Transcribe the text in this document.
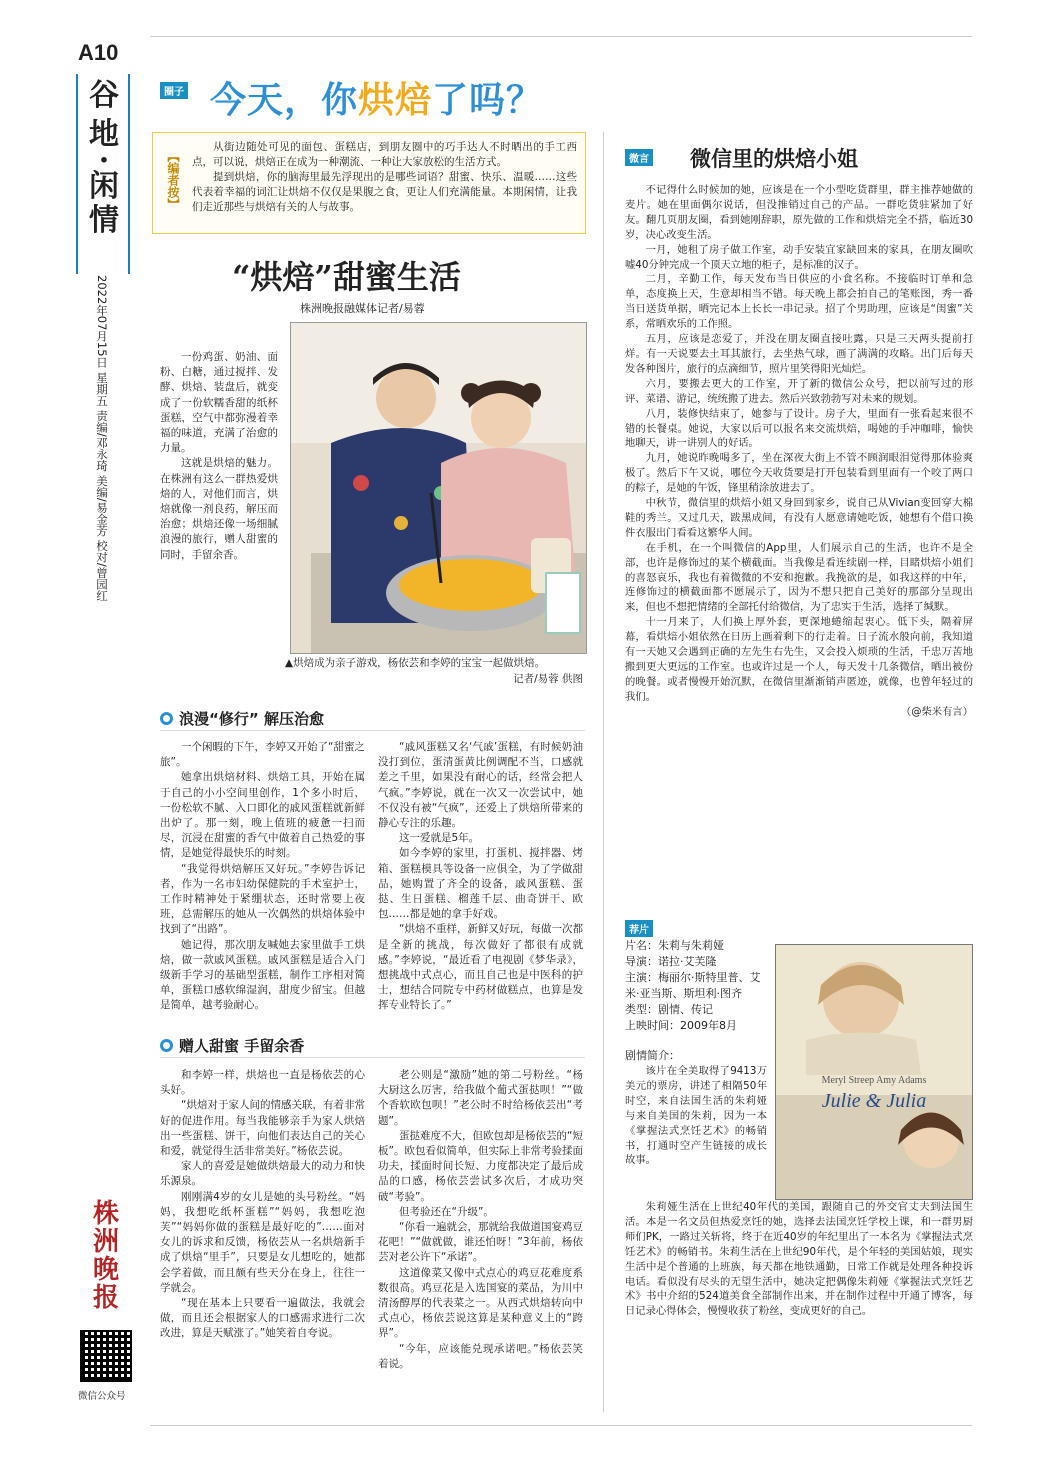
A10
谷
地
·
闲
情
2022年07月15日 星期五 责编/邓永琦 美编/易金芳 校对/曾园红
株
洲
晚
报
微信公众号
圈子 今天，你烘焙了吗？
【编者按】

从街边随处可见的面包、蛋糕店，到朋友圈中的巧手达人不时晒出的手工西点，可以说，烘焙正在成为一种潮流、一种让大家放松的生活方式。

提到烘焙，你的脑海里最先浮现出的是哪些词语？甜蜜、快乐、温暖……这些代表着幸福的词汇让烘焙不仅仅是果腹之食，更让人们充满能量。本期闲情，让我们走近那些与烘焙有关的人与故事。

“烘焙”甜蜜生活
株洲晚报融媒体记者/易蓉

一份鸡蛋、奶油、面粉、白糖，通过搅拌、发酵、烘焙、装盘后，就变成了一份软糯香甜的纸杯蛋糕，空气中都弥漫着幸福的味道，充满了治愈的力量。

这就是烘焙的魅力。在株洲有这么一群热爱烘焙的人，对他们而言，烘焙就像一剂良药，解压而治愈；烘焙还像一场细腻浪漫的旅行，赠人甜蜜的同时，手留余香。

▲烘焙成为亲子游戏，杨依芸和李婷的宝宝一起做烘焙。
记者/易蓉 供图
浪漫“修行” 解压治愈

一个闲暇的下午，李婷又开始了“甜蜜之旅”。

她拿出烘焙材料、烘焙工具，开始在属于自己的小小空间里创作，1个多小时后，一份松软不腻、入口即化的戚风蛋糕就新鲜出炉了。那一刻，晚上值班的疲惫一扫而尽，沉浸在甜蜜的香气中做着自己热爱的事情，是她觉得最快乐的时刻。

“我觉得烘焙解压又好玩。”李婷告诉记者，作为一名市妇幼保健院的手术室护士，工作时精神处于紧绷状态，还时常要上夜班，总需解压的她从一次偶然的烘焙体验中找到了“出路”。

她记得，那次朋友喊她去家里做手工烘焙，做一款戚风蛋糕。戚风蛋糕是适合入门级新手学习的基础型蛋糕，制作工序相对简单，蛋糕口感软绵湿润，甜度少留宝。但越是简单，越考验耐心。

“戚风蛋糕又名‘气戚’蛋糕，有时候奶油没打到位，蛋清蛋黄比例调配不当，口感就差之千里，如果没有耐心的话，经常会把人气疯。”李婷说，就在一次又一次尝试中，她不仅没有被“气疯”，还爱上了烘焙所带来的静心专注的乐趣。

这一爱就是5年。

如今李婷的家里，打蛋机、搅拌器、烤箱、蛋糕模具等设备一应俱全，为了学做甜品，她购置了齐全的设备，戚风蛋糕、蛋挞、生日蛋糕、榴莲千层、曲奇饼干、欧包……都是她的拿手好戏。

“烘焙不重样，新鲜又好玩，每做一次都是全新的挑战，每次做好了都很有成就感。”李婷说，“最近看了电视剧《梦华录》，想挑战中式点心，而且自己也是中医科的护士，想结合同院专中药材做糕点，也算是发挥专业特长了。”

赠人甜蜜 手留余香

和李婷一样，烘焙也一直是杨依芸的心头好。

“烘焙对于家人间的情感关联，有着非常好的促进作用。每当我能够亲手为家人烘焙出一些蛋糕、饼干，向他们表达自己的关心和爱，就觉得生活非常美好。”杨依芸说。

家人的喜爱是她做烘焙最大的动力和快乐源泉。

刚刚满4岁的女儿是她的头号粉丝。“妈妈，我想吃纸杯蛋糕”“妈妈，我想吃泡芙”“妈妈你做的蛋糕是最好吃的”……面对女儿的诉求和反馈，杨依芸从一名烘焙新手成了烘焙“里手”，只要是女儿想吃的，她都会学着做，而且颇有些天分在身上，往往一学就会。

“现在基本上只要看一遍做法，我就会做，而且还会根据家人的口感需求进行二次改进，算是天赋涨了。”她笑着自夸说。

老公则是“激励”她的第二号粉丝。“杨大厨这么厉害，给我做个葡式蛋挞呗！”“做个香软欧包呗！”老公时不时给杨依芸出“考题”。

蛋挞难度不大，但欧包却是杨依芸的“短板”。欧包看似简单，但实际上非常考验揉面功夫，揉面时间长短、力度都决定了最后成品的口感，杨依芸尝试多次后，才成功突破“考验”。

但考验还在“升级”。

“你看一遍就会，那就给我做道国宴鸡豆花吧！”“做就做，谁还怕呀！”3年前，杨依芸对老公许下“承诺”。

这道像菜又像中式点心的鸡豆花难度系数很高。鸡豆花是入选国宴的菜品，为川中清汤醇厚的代表菜之一。从西式烘焙转向中式点心，杨依芸说这算是某种意义上的“跨界”。

“今年，应该能兑现承诺吧。”杨依芸笑着说。

微言 微信里的烘焙小姐

不记得什么时候加的她，应该是在一个小型吃货群里，群主推荐她做的麦片。她在里面偶尔说话，但没推销过自己的产品。一群吃货驻紧加了好友。翻几页朋友圈，看到她刚辞职，原先做的工作和烘焙完全不搭，临近30岁，决心改变生活。

一月，她租了房子做工作室，动手安装宜家缺回来的家具，在朋友圈吹嘘40分钟完成一个顶天立地的柜子，是标准的汉子。

二月，辛勤工作，每天发布当日供应的小食名称。不接临时订单和急单，态度换上天，生意却相当不错。每天晚上都会拍自己的笔账图，秀一番当日送货单据，晒完记本上长长一串记录。招了个男助理，应该是“闺蜜”关系，常晒欢乐的工作照。

五月，应该是恋爱了，并没在朋友圈直接吐露，只是三天两头提前打烊。有一天说要去土耳其旅行，去坐热气球，画了满满的攻略。出门后每天发各种图片，旅行的点滴细节，照片里笑得阳光灿烂。

六月，要搬去更大的工作室，开了新的微信公众号，把以前写过的形评、菜谱、游记，统统搬了进去。然后兴致勃勃写对未来的规划。

八月，装修快结束了，她参与了设计。房子大，里面有一张看起来很不错的长餐桌。她说，大家以后可以报名来交流烘焙，喝她的手冲咖啡，愉快地聊天，讲一讲别人的好话。

九月，她说昨晚喝多了，坐在深夜大街上不管不顾润眼泪觉得那体验爽极了。然后下午又说，哪位今天收货要是打开包装看到里面有一个咬了两口的粽子，是她的午饭，锋里稍涂放进去了。

中秋节，微信里的烘焙小姐又身回到家乡，说自己从Vivian变回穿大棉鞋的秀兰。又过几天，跋黑成间，有没有人愿意请她吃饭，她想有个借口换件衣服出门看看这繁华人间。

在手机，在一个叫微信的App里，人们展示自己的生活，也许不是全部，也许是修饰过的某个横截面。当我像是看连续剧一样，目睹烘焙小姐们的喜怒哀乐，我也有着微微的不安和抱歉。我挽欲的是，如我这样的中年，连修饰过的横截面都不愿展示了，因为不想只把自己美好的那部分呈现出来，但也不想把情绪的全部托付给微信，为了忠实于生活，选择了缄默。

十一月来了，人们换上厚外套，更深地蜷缩起衷心。低下头，隔着屏幕，看烘焙小姐依然在日历上画着剩下的行走着。日子流水般向前，我知道有一天她又会遇到正确的左先生右先生，又会投入烦琐的生活，千忠万苦地搬到更大更远的工作室。也或许过是一个人，每天发十几条微信，晒出被份的晚餐。或者慢慢开始沉默，在微信里渐渐销声匿迹，就像，也曾年轻过的我们。

（@柴米有言）
荐片
片名：朱莉与朱莉娅
导演：诺拉·艾芙隆
主演：梅丽尔·斯特里普、艾米·亚当斯、斯坦利·图齐
类型：剧情、传记
上映时间：2009年8月
剧情简介：

该片在全美取得了9413万美元的票房，讲述了相隔50年时空，来自法国生活的朱莉娅与来自美国的朱莉，因为一本《掌握法式烹饪艺术》的畅销书，打通时空产生链接的成长故事。

Meryl Streep Amy Adams
Julie & Julia

朱莉娅生活在上世纪40年代的美国，跟随自己的外交官丈夫到法国生活。本是一名文员但热爱烹饪的她，选择去法国烹饪学校上课，和一群男厨师们PK，一路过关斩将，终于在近40岁的年纪里出了一本名为《掌握法式烹饪艺术》的畅销书。朱莉生活在上世纪90年代，是个年轻的美国姑娘，现实生活中是个普通的上班族，每天都在地铁通勤，日常工作就是处理各种投诉电话。看似没有尽头的无望生活中，她决定把偶像朱莉娅《掌握法式烹饪艺术》书中介绍的524道美食全部制作出来，并在制作过程中开通了博客，每日记录心得体会，慢慢收获了粉丝，变成更好的自己。
